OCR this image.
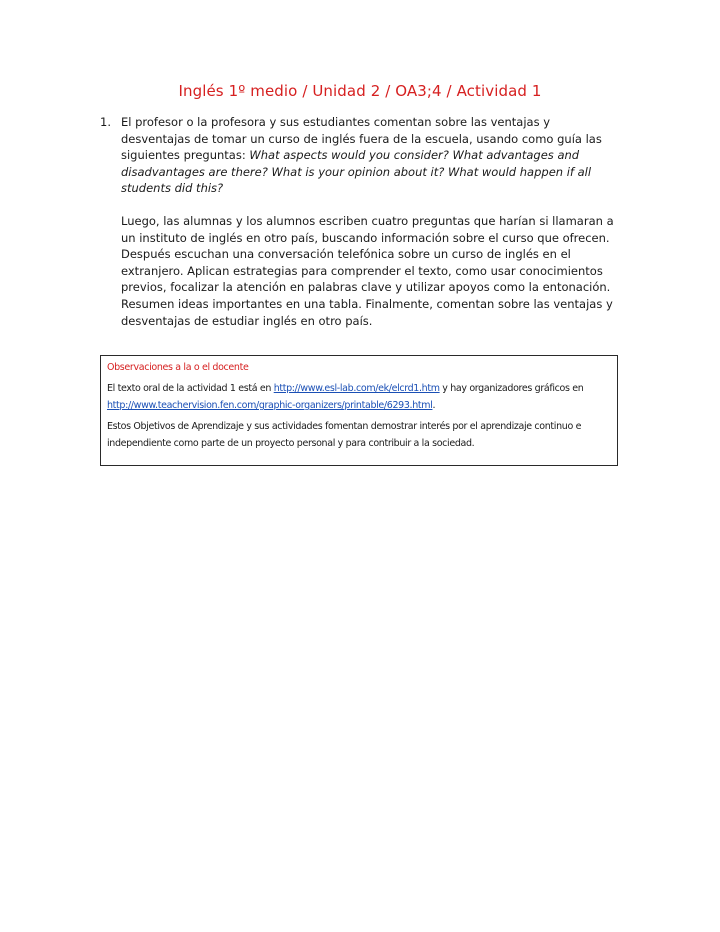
Inglés 1º medio / Unidad 2 / OA3;4 / Actividad 1
1. El profesor o la profesora y sus estudiantes comentan sobre las ventajas y desventajas de tomar un curso de inglés fuera de la escuela, usando como guía las siguientes preguntas: What aspects would you consider? What advantages and disadvantages are there? What is your opinion about it? What would happen if all students did this?

Luego, las alumnas y los alumnos escriben cuatro preguntas que harían si llamaran a un instituto de inglés en otro país, buscando información sobre el curso que ofrecen. Después escuchan una conversación telefónica sobre un curso de inglés en el extranjero. Aplican estrategias para comprender el texto, como usar conocimientos previos, focalizar la atención en palabras clave y utilizar apoyos como la entonación. Resumen ideas importantes en una tabla. Finalmente, comentan sobre las ventajas y desventajas de estudiar inglés en otro país.

Observaciones a la o el docente

El texto oral de la actividad 1 está en http://www.esl-lab.com/ek/elcrd1.htm y hay organizadores gráficos en http://www.teachervision.fen.com/graphic-organizers/printable/6293.html.

Estos Objetivos de Aprendizaje y sus actividades fomentan demostrar interés por el aprendizaje continuo e independiente como parte de un proyecto personal y para contribuir a la sociedad.
